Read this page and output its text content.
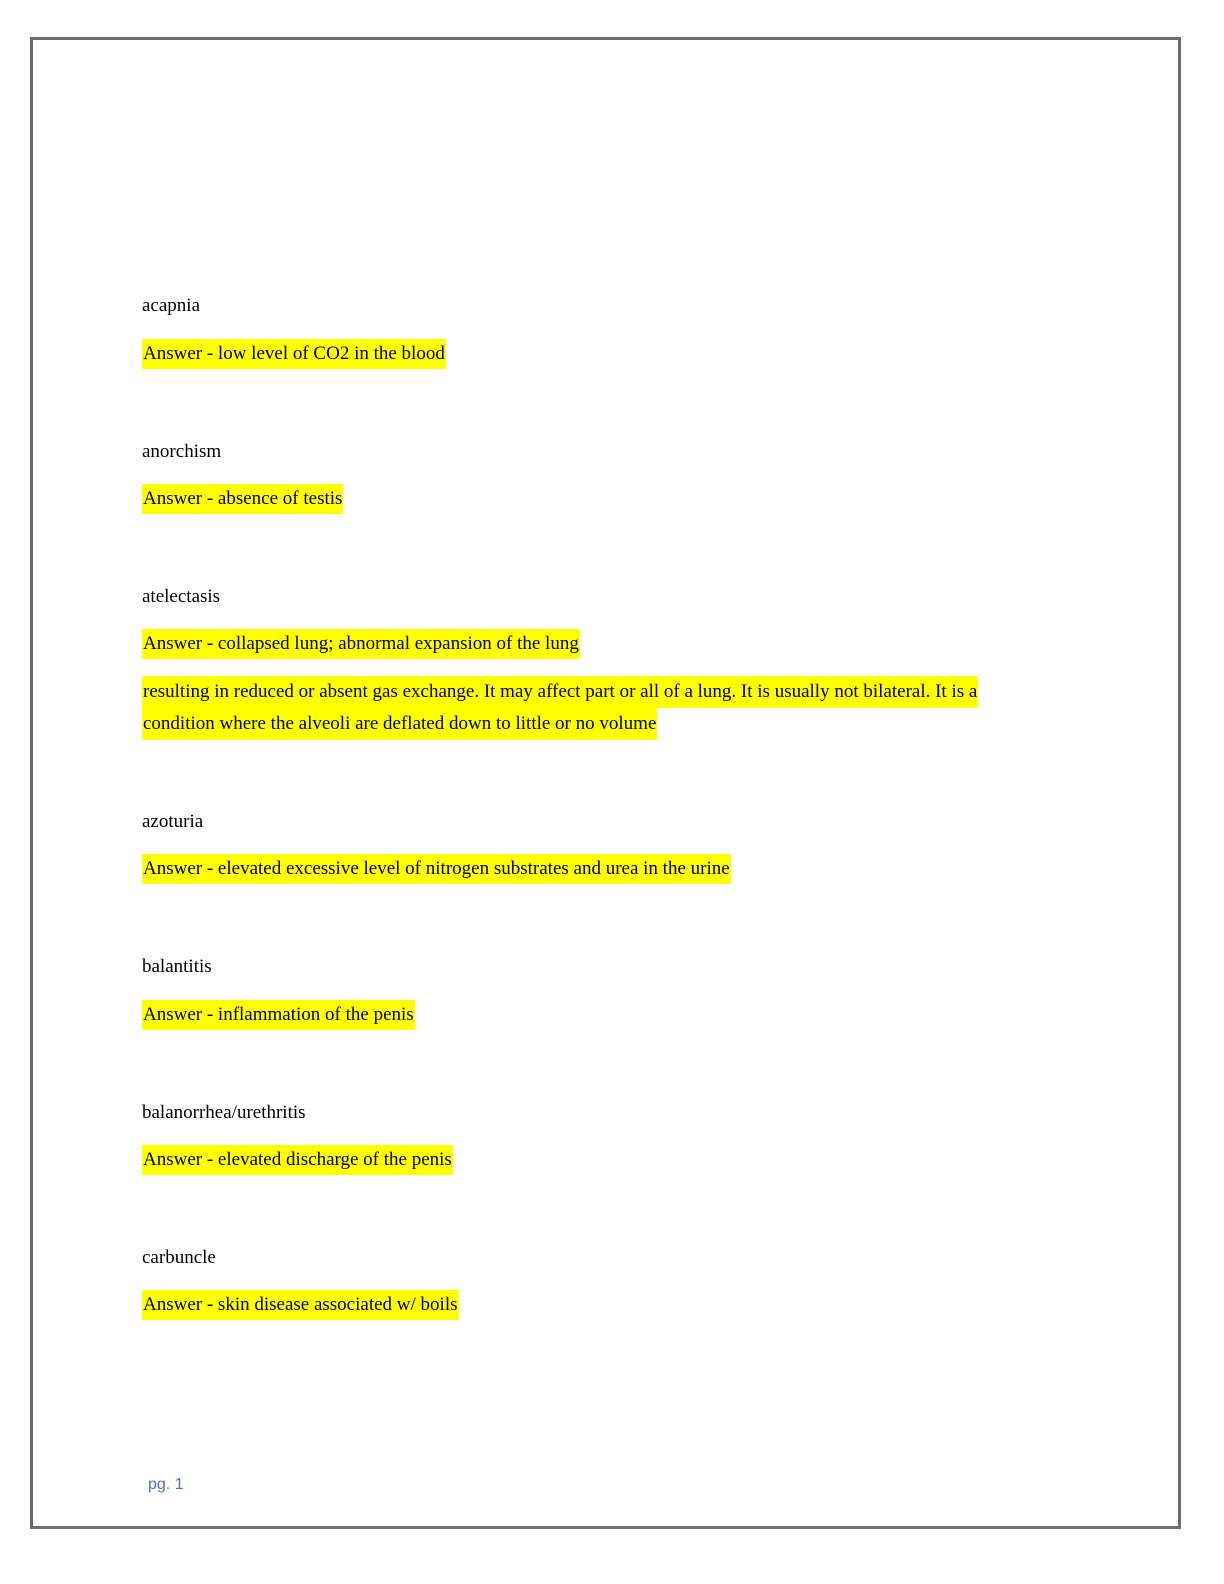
acapnia
Answer - low level of CO2 in the blood
anorchism
Answer - absence of testis
atelectasis
Answer - collapsed lung; abnormal expansion of the lung
resulting in reduced or absent gas exchange. It may affect part or all of a lung. It is usually not bilateral. It is a condition where the alveoli are deflated down to little or no volume
azoturia
Answer - elevated excessive level of nitrogen substrates and urea in the urine
balantitis
Answer - inflammation of the penis
balanorrhea/urethritis
Answer - elevated discharge of the penis
carbuncle
Answer - skin disease associated w/ boils
pg. 1
